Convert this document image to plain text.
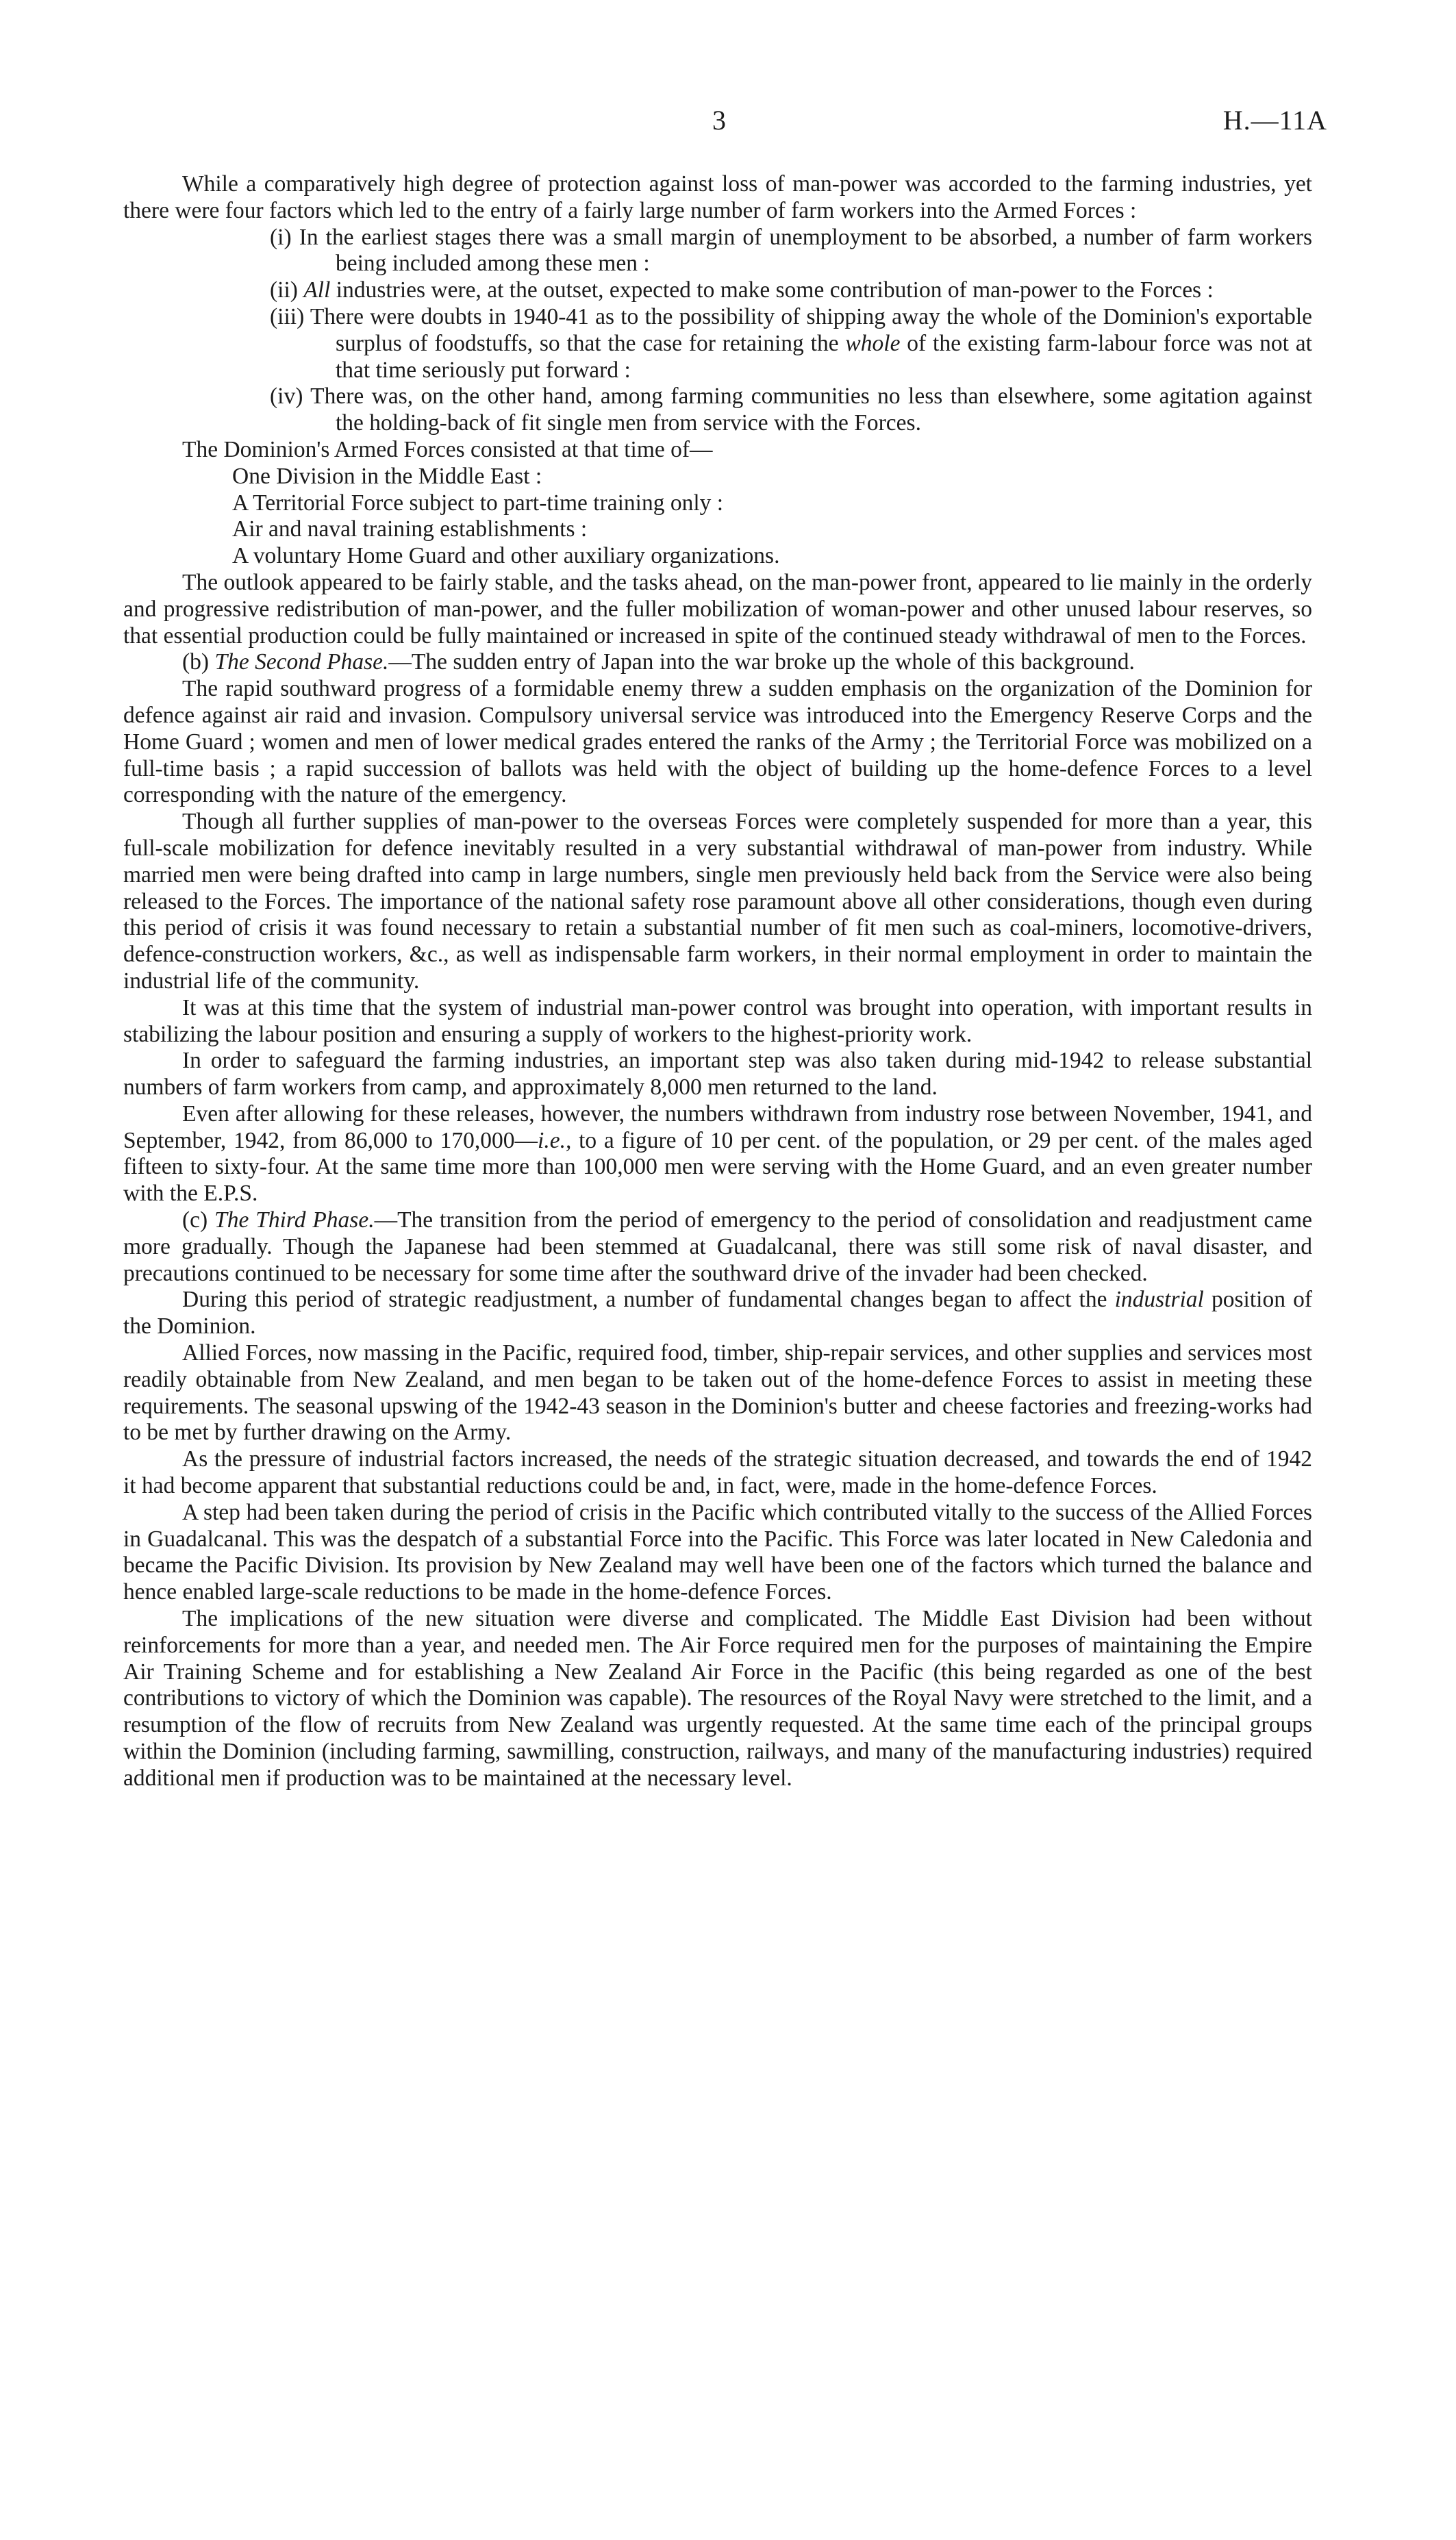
3	H.—11A

While a comparatively high degree of protection against loss of man-power was accorded to the farming industries, yet there were four factors which led to the entry of a fairly large number of farm workers into the Armed Forces :

(i) In the earliest stages there was a small margin of unemployment to be absorbed, a number of farm workers being included among these men :

(ii) All industries were, at the outset, expected to make some contribution of man-power to the Forces :

(iii) There were doubts in 1940-41 as to the possibility of shipping away the whole of the Dominion's exportable surplus of foodstuffs, so that the case for retaining the whole of the existing farm-labour force was not at that time seriously put forward :

(iv) There was, on the other hand, among farming communities no less than elsewhere, some agitation against the holding-back of fit single men from service with the Forces.

The Dominion's Armed Forces consisted at that time of—

One Division in the Middle East :

A Territorial Force subject to part-time training only :

Air and naval training establishments :

A voluntary Home Guard and other auxiliary organizations.

The outlook appeared to be fairly stable, and the tasks ahead, on the man-power front, appeared to lie mainly in the orderly and progressive redistribution of man-power, and the fuller mobilization of woman-power and other unused labour reserves, so that essential production could be fully maintained or increased in spite of the continued steady withdrawal of men to the Forces.

(b) The Second Phase.—The sudden entry of Japan into the war broke up the whole of this background.

The rapid southward progress of a formidable enemy threw a sudden emphasis on the organization of the Dominion for defence against air raid and invasion. Compulsory universal service was introduced into the Emergency Reserve Corps and the Home Guard ; women and men of lower medical grades entered the ranks of the Army ; the Territorial Force was mobilized on a full-time basis ; a rapid succession of ballots was held with the object of building up the home-defence Forces to a level corresponding with the nature of the emergency.

Though all further supplies of man-power to the overseas Forces were completely suspended for more than a year, this full-scale mobilization for defence inevitably resulted in a very substantial withdrawal of man-power from industry. While married men were being drafted into camp in large numbers, single men previously held back from the Service were also being released to the Forces. The importance of the national safety rose paramount above all other considerations, though even during this period of crisis it was found necessary to retain a substantial number of fit men such as coal-miners, locomotive-drivers, defence-construction workers, &c., as well as indispensable farm workers, in their normal employment in order to maintain the industrial life of the community.

It was at this time that the system of industrial man-power control was brought into operation, with important results in stabilizing the labour position and ensuring a supply of workers to the highest-priority work.

In order to safeguard the farming industries, an important step was also taken during mid-1942 to release substantial numbers of farm workers from camp, and approximately 8,000 men returned to the land.

Even after allowing for these releases, however, the numbers withdrawn from industry rose between November, 1941, and September, 1942, from 86,000 to 170,000—i.e., to a figure of 10 per cent. of the population, or 29 per cent. of the males aged fifteen to sixty-four. At the same time more than 100,000 men were serving with the Home Guard, and an even greater number with the E.P.S.

(c) The Third Phase.—The transition from the period of emergency to the period of consolidation and readjustment came more gradually. Though the Japanese had been stemmed at Guadalcanal, there was still some risk of naval disaster, and precautions continued to be necessary for some time after the southward drive of the invader had been checked.

During this period of strategic readjustment, a number of fundamental changes began to affect the industrial position of the Dominion.

Allied Forces, now massing in the Pacific, required food, timber, ship-repair services, and other supplies and services most readily obtainable from New Zealand, and men began to be taken out of the home-defence Forces to assist in meeting these requirements. The seasonal upswing of the 1942-43 season in the Dominion's butter and cheese factories and freezing-works had to be met by further drawing on the Army.

As the pressure of industrial factors increased, the needs of the strategic situation decreased, and towards the end of 1942 it had become apparent that substantial reductions could be and, in fact, were, made in the home-defence Forces.

A step had been taken during the period of crisis in the Pacific which contributed vitally to the success of the Allied Forces in Guadalcanal. This was the despatch of a substantial Force into the Pacific. This Force was later located in New Caledonia and became the Pacific Division. Its provision by New Zealand may well have been one of the factors which turned the balance and hence enabled large-scale reductions to be made in the home-defence Forces.

The implications of the new situation were diverse and complicated. The Middle East Division had been without reinforcements for more than a year, and needed men. The Air Force required men for the purposes of maintaining the Empire Air Training Scheme and for establishing a New Zealand Air Force in the Pacific (this being regarded as one of the best contributions to victory of which the Dominion was capable). The resources of the Royal Navy were stretched to the limit, and a resumption of the flow of recruits from New Zealand was urgently requested. At the same time each of the principal groups within the Dominion (including farming, sawmilling, construction, railways, and many of the manufacturing industries) required additional men if production was to be maintained at the necessary level.
